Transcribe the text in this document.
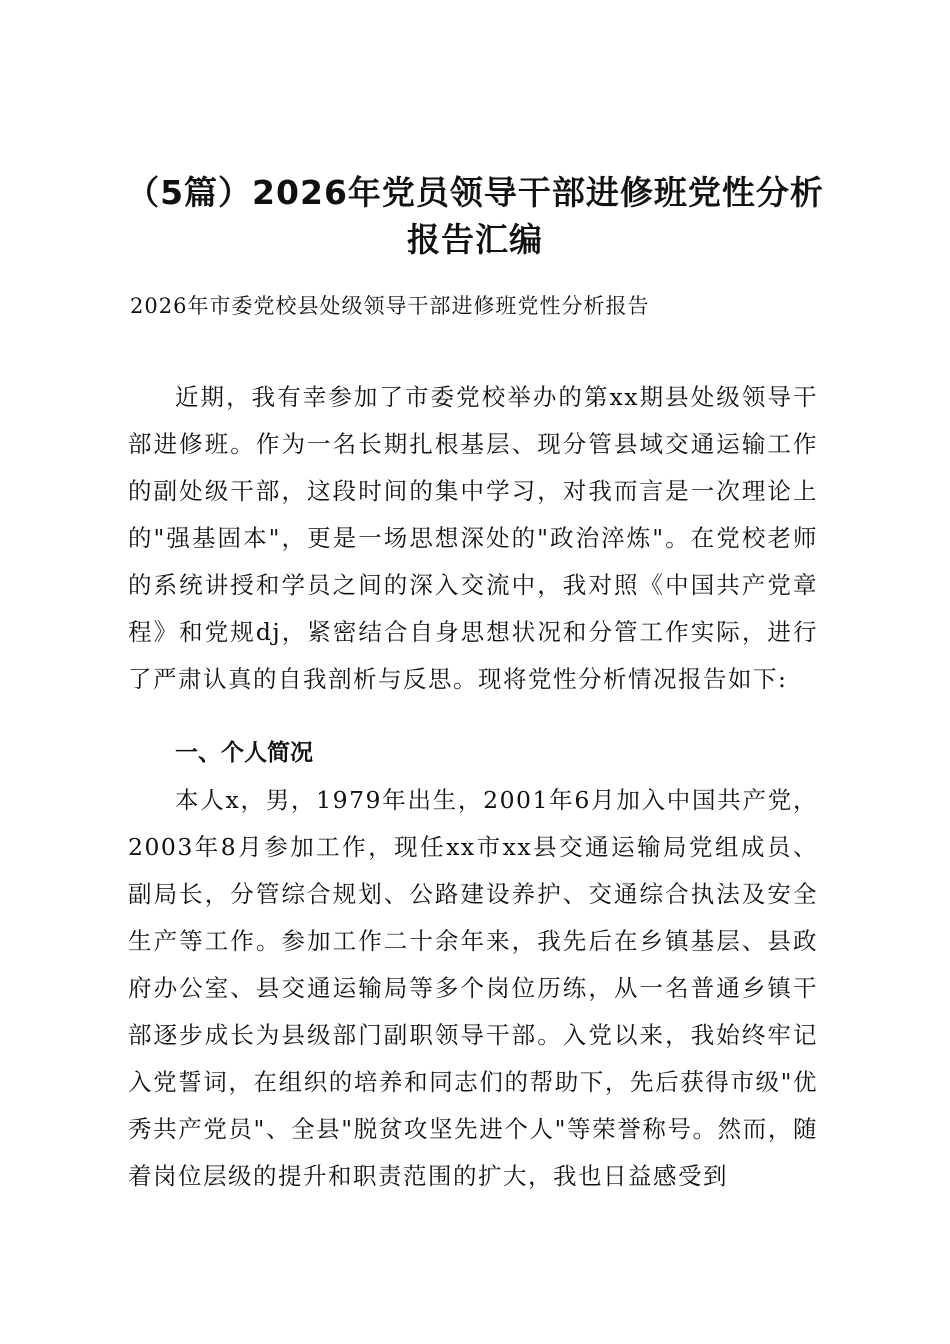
（5篇）2026年党员领导干部进修班党性分析
报告汇编

2026年市委党校县处级领导干部进修班党性分析报告

近期，我有幸参加了市委党校举办的第xx期县处级领导干部进修班。作为一名长期扎根基层、现分管县域交通运输工作的副处级干部，这段时间的集中学习，对我而言是一次理论上的"强基固本"，更是一场思想深处的"政治淬炼"。在党校老师的系统讲授和学员之间的深入交流中，我对照《中国共产党章程》和党规dj，紧密结合自身思想状况和分管工作实际，进行了严肃认真的自我剖析与反思。现将党性分析情况报告如下:

一、个人简况

本人x，男，1979年出生，2001年6月加入中国共产党，2003年8月参加工作，现任xx市xx县交通运输局党组成员、副局长，分管综合规划、公路建设养护、交通综合执法及安全生产等工作。参加工作二十余年来，我先后在乡镇基层、县政府办公室、县交通运输局等多个岗位历练，从一名普通乡镇干部逐步成长为县级部门副职领导干部。入党以来，我始终牢记入党誓词，在组织的培养和同志们的帮助下，先后获得市级"优秀共产党员"、全县"脱贫攻坚先进个人"等荣誉称号。然而，随着岗位层级的提升和职责范围的扩大，我也日益感受到
